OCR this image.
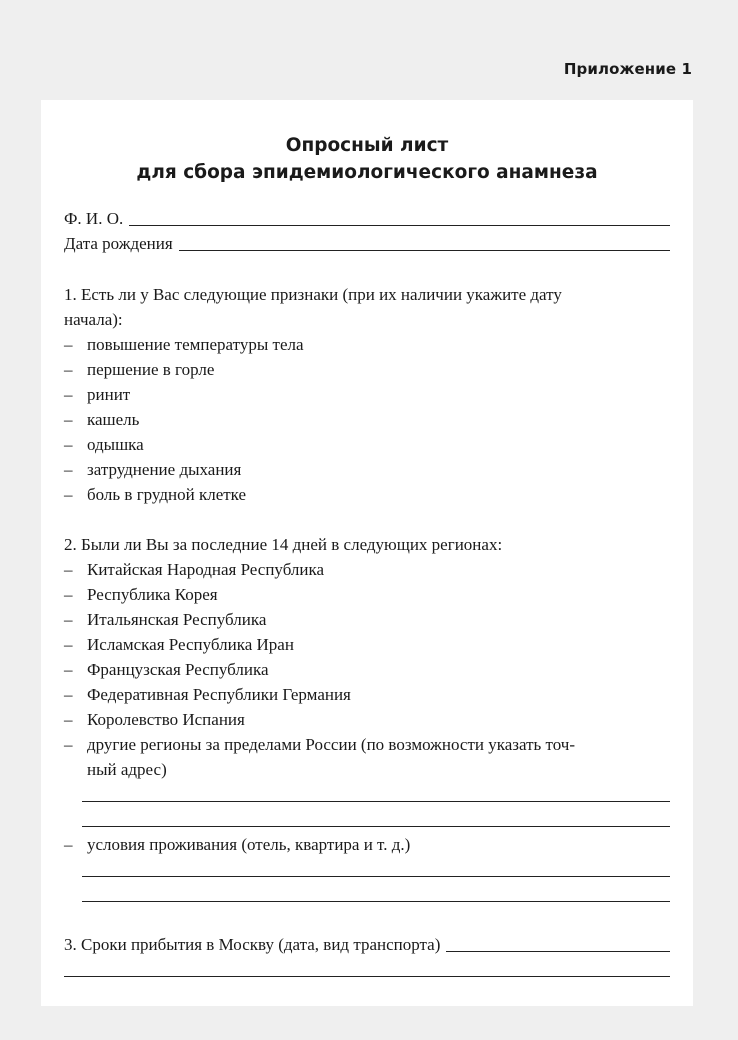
Приложение 1
Опросный лист
для сбора эпидемиологического анамнеза
Ф. И. О.
Дата рождения
1. Есть ли у Вас следующие признаки (при их наличии укажите дату
начала):
– повышение температуры тела
– першение в горле
– ринит
– кашель
– одышка
– затруднение дыхания
– боль в грудной клетке
2. Были ли Вы за последние 14 дней в следующих регионах:
– Китайская Народная Республика
– Республика Корея
– Итальянская Республика
– Исламская Республика Иран
– Французская Республика
– Федеративная Республики Германия
– Королевство Испания
– другие регионы за пределами России (по возможности указать точ-
ный адрес)
– условия проживания (отель, квартира и т. д.)
3. Сроки прибытия в Москву (дата, вид транспорта)
